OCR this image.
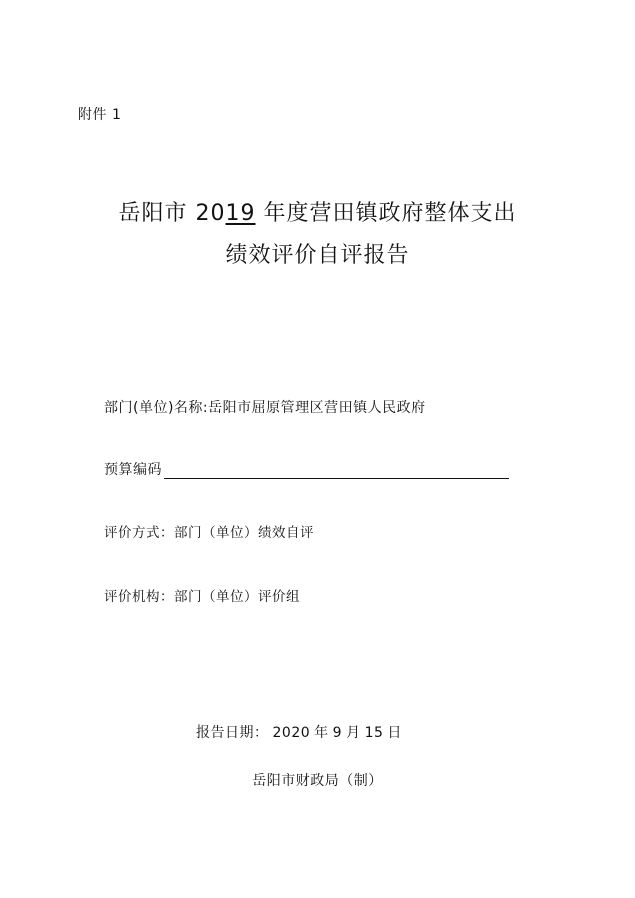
附件 1
岳阳市 2019 年度营田镇政府整体支出
绩效评价自评报告
部门(单位)名称:岳阳市屈原管理区营田镇人民政府
预算编码
评价方式：部门（单位）绩效自评
评价机构：部门（单位）评价组
报告日期： 2020 年 9 月 15 日
岳阳市财政局（制）
